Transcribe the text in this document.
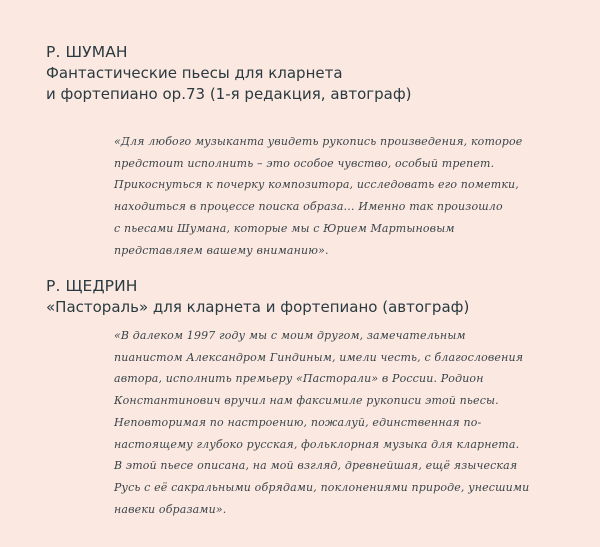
Р. ШУМАН
Фантастические пьесы для кларнета
и фортепиано op.73 (1-я редакция, автограф)
«Для любого музыканта увидеть рукопись произведения, которое
предстоит исполнить – это особое чувство, особый трепет.
Прикоснуться к почерку композитора, исследовать его пометки,
находиться в процессе поиска образа… Именно так произошло
с пьесами Шумана, которые мы с Юрием Мартыновым
представляем вашему вниманию».
Р. ЩЕДРИН
«Пастораль» для кларнета и фортепиано (автограф)
«В далеком 1997 году мы с моим другом, замечательным
пианистом Александром Гиндиным, имели честь, с благословения
автора, исполнить премьеру «Пасторали» в России. Родион
Константинович вручил нам факсимиле рукописи этой пьесы.
Неповторимая по настроению, пожалуй, единственная по-
настоящему глубоко русская, фольклорная музыка для кларнета.
В этой пьесе описана, на мой взгляд, древнейшая, ещё языческая
Русь с её сакральными обрядами, поклонениями природе, унесшими
навеки образами».
